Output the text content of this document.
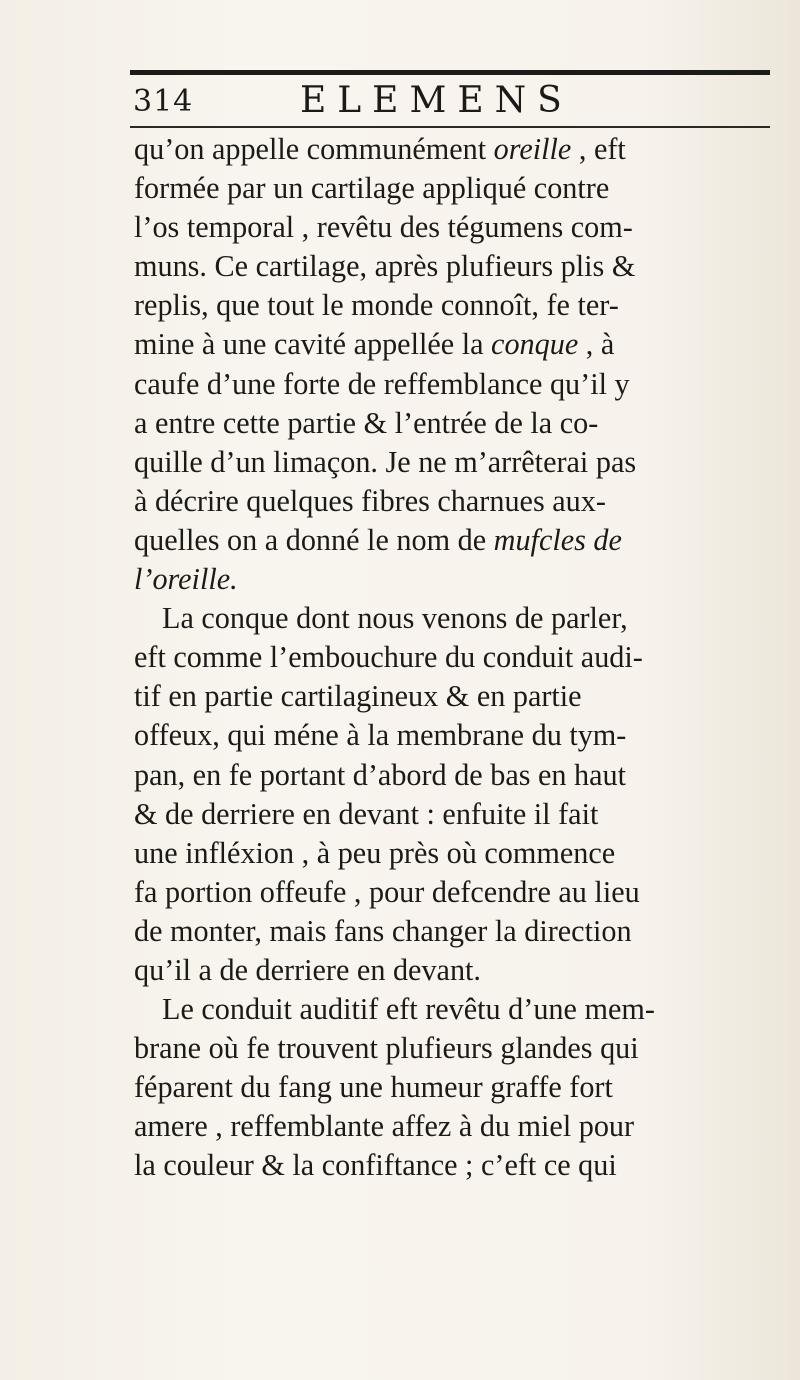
314	ELEMENS
qu’on appelle communément oreille , eft
formée par un cartilage appliqué contre
l’os temporal , revêtu des tégumens com-
muns. Ce cartilage, après plufieurs plis &
replis, que tout le monde connoît, fe ter-
mine à une cavité appellée la conque , à
caufe d’une forte de reffemblance qu’il y
a entre cette partie & l’entrée de la co-
quille d’un limaçon. Je ne m’arrêterai pas
à décrire quelques fibres charnues aux-
quelles on a donné le nom de mufcles de
l’oreille.
La conque dont nous venons de parler,
eft comme l’embouchure du conduit audi-
tif en partie cartilagineux & en partie
offeux, qui méne à la membrane du tym-
pan, en fe portant d’abord de bas en haut
& de derriere en devant : enfuite il fait
une infléxion , à peu près où commence
fa portion offeufe , pour defcendre au lieu
de monter, mais fans changer la direction
qu’il a de derriere en devant.
Le conduit auditif eft revêtu d’une mem-
brane où fe trouvent plufieurs glandes qui
féparent du fang une humeur graffe fort
amere , reffemblante affez à du miel pour
la couleur & la confiftance ; c’eft ce qui
